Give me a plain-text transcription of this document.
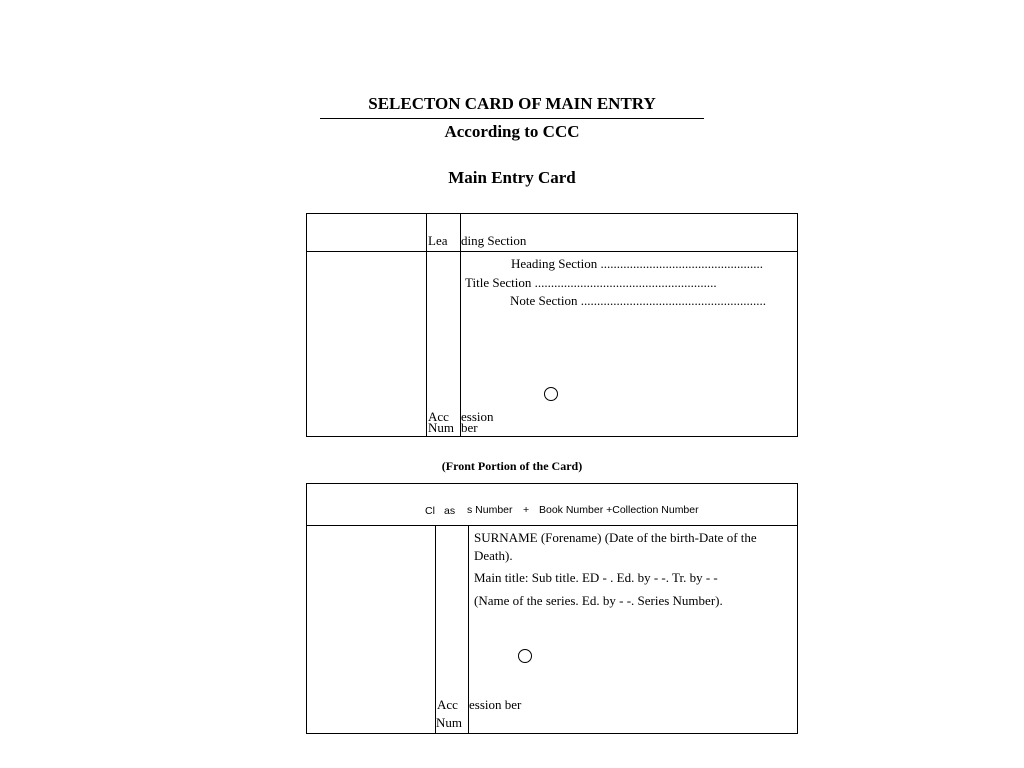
SELECTON CARD OF MAIN ENTRY
According to CCC
Main Entry Card
Lea ding Section
Heading Section ..................................................
Title Section ........................................................
Note Section .........................................................
Acc ession
Num ber
(Front Portion of the Card)
Cl as s Number + Book Number +Collection Number
SURNAME (Forename) (Date of the birth-Date of the
Death).
Main title: Sub title. ED - . Ed. by - -. Tr. by - -
(Name of the series. Ed. by - -. Series Number).
Acc ession ber
Num
